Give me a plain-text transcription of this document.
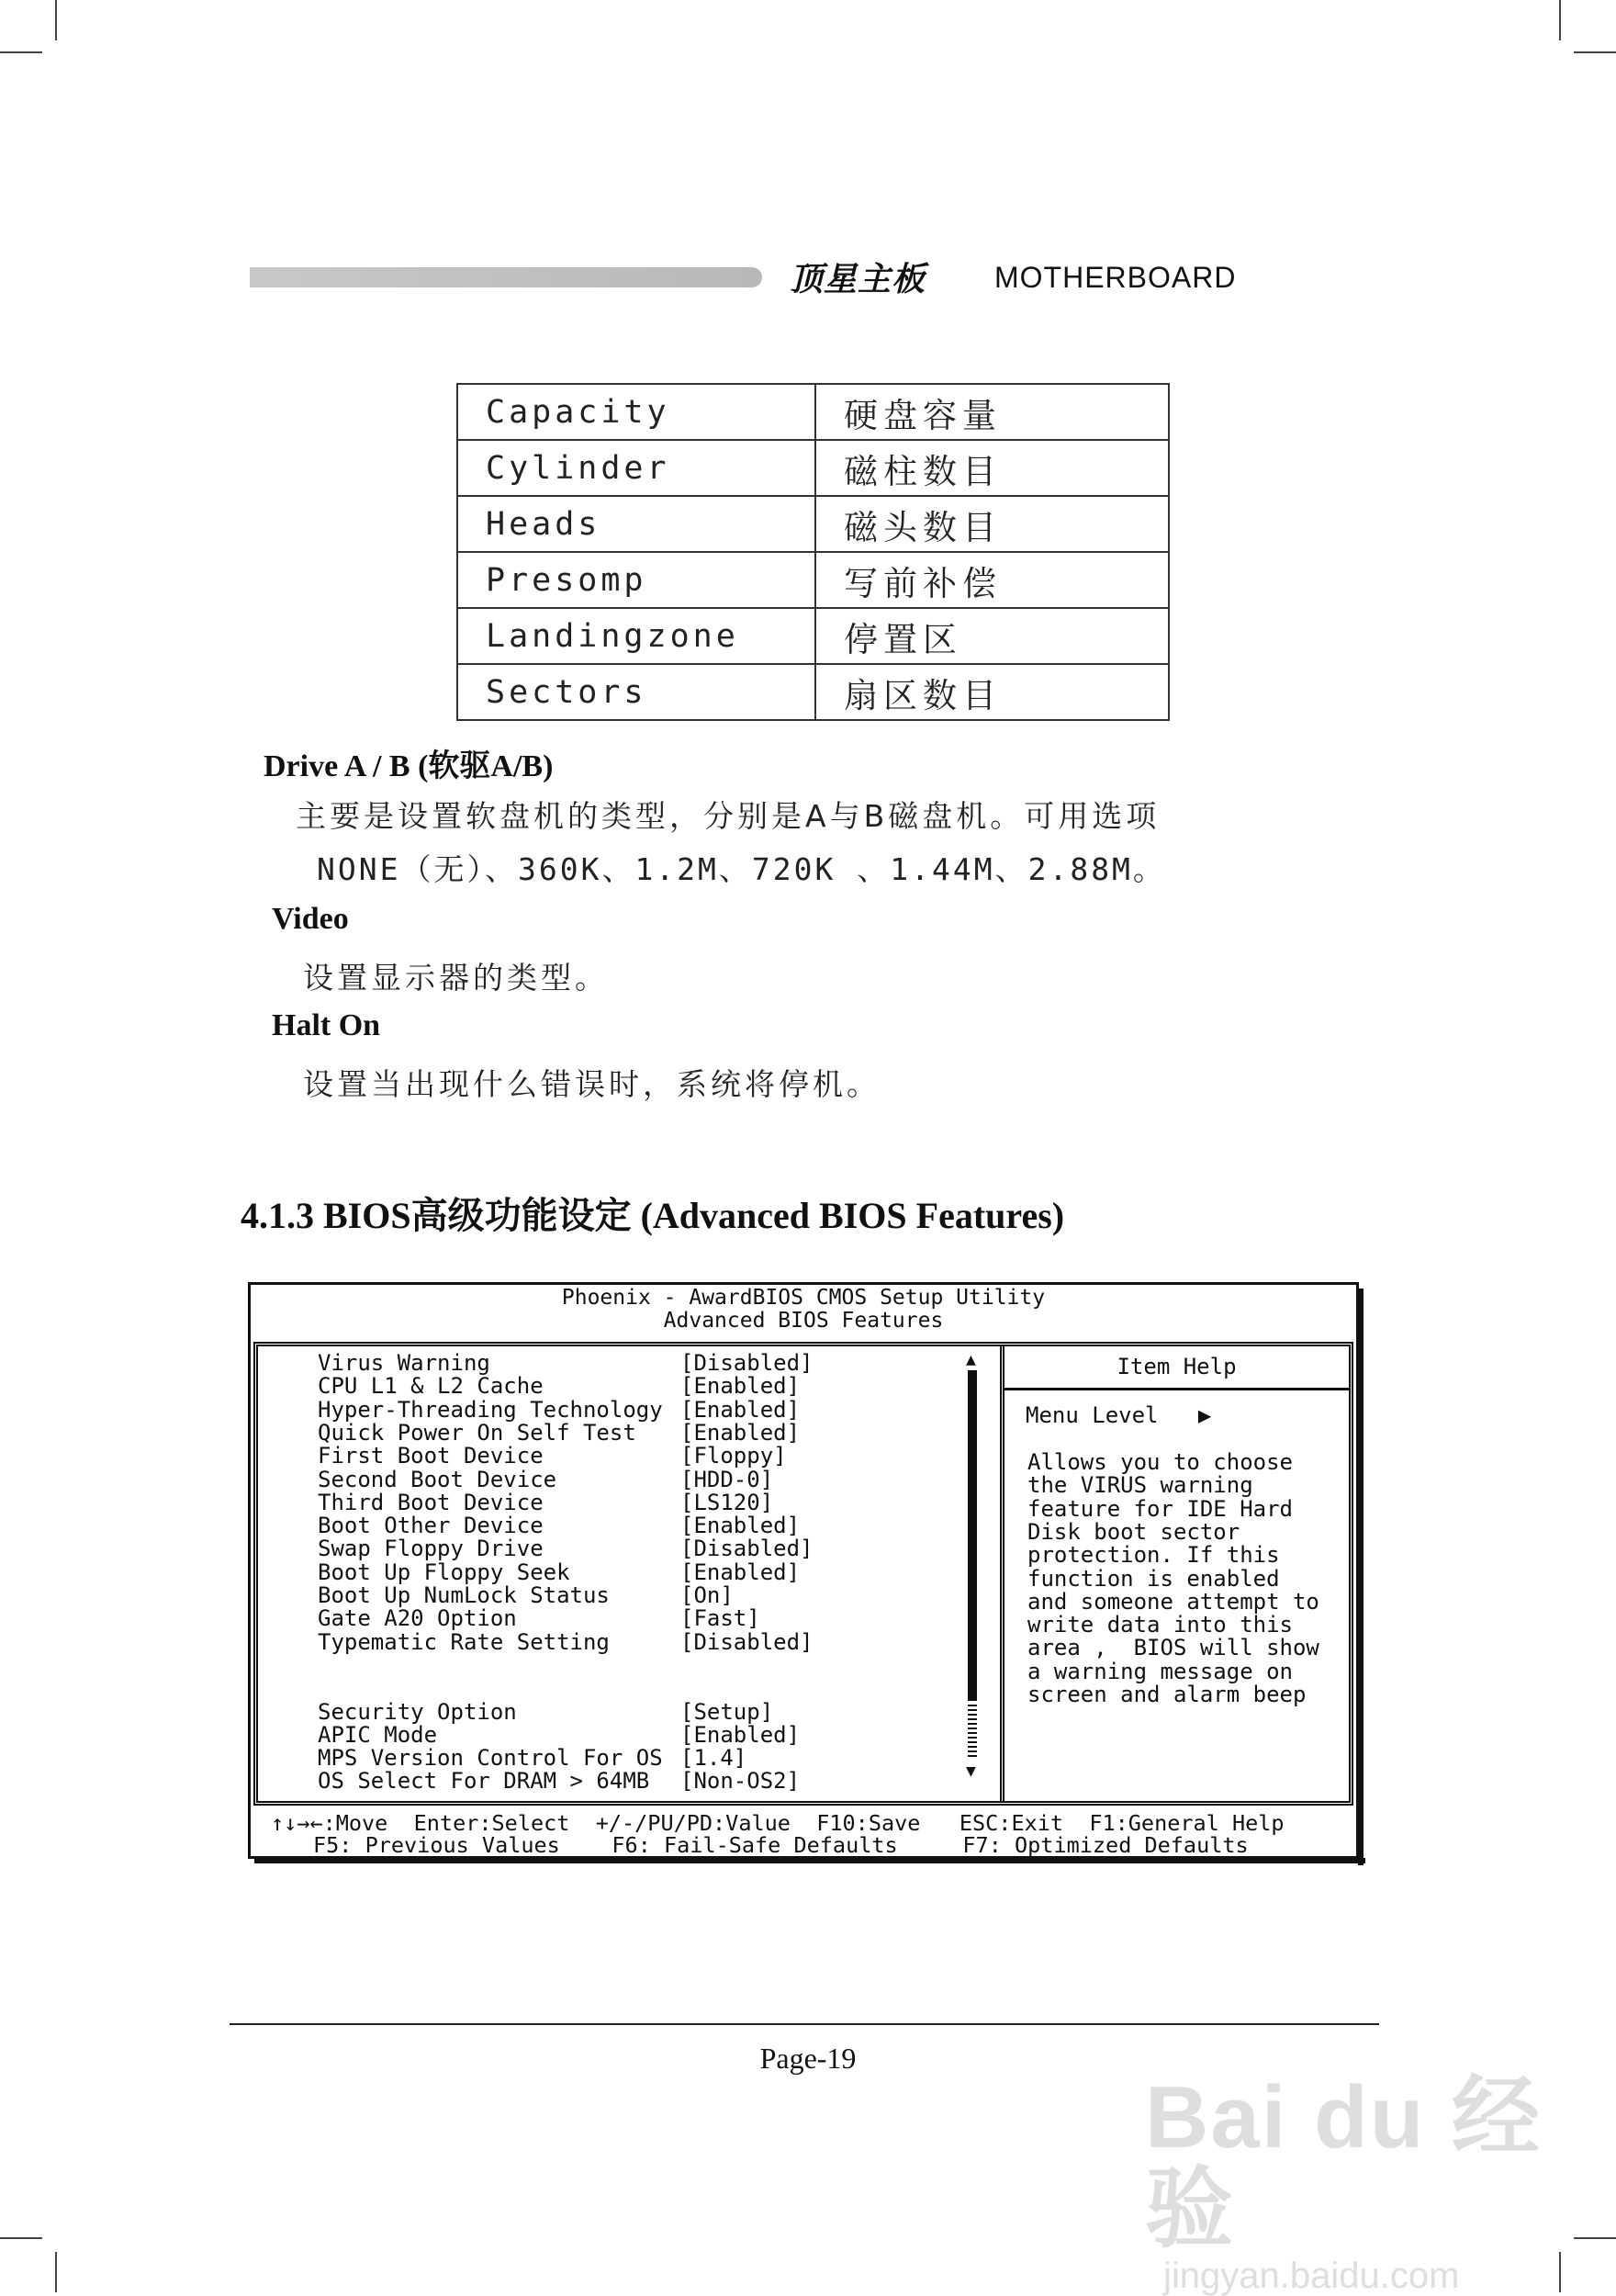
顶星主板 MOTHERBOARD
Capacity	硬盘容量
Cylinder	磁柱数目
Heads	磁头数目
Presomp	写前补偿
Landingzone	停置区
Sectors	扇区数目
Drive A / B (软驱A/B)
主要是设置软盘机的类型，分别是A与B磁盘机。可用选项
NONE（无）、360K、1.2M、720K 、1.44M、2.88M。
Video
设置显示器的类型。
Halt On
设置当出现什么错误时，系统将停机。
4.1.3 BIOS高级功能设定 (Advanced BIOS Features)
Phoenix - AwardBIOS CMOS Setup Utility
Advanced BIOS Features
Virus Warning	[Disabled]
CPU L1 & L2 Cache	[Enabled]
Hyper-Threading Technology [Enabled]
Quick Power On Self Test [Enabled]
First Boot Device	[Floppy]
Second Boot Device	[HDD-0]
Third Boot Device	[LS120]
Boot Other Device	[Enabled]
Swap Floppy Drive	[Disabled]
Boot Up Floppy Seek	[Enabled]
Boot Up NumLock Status	[On]
Gate A20 Option	[Fast]
Typematic Rate Setting	[Disabled]
Security Option	[Setup]
APIC Mode	[Enabled]
MPS Version Control For OS [1.4]
OS Select For DRAM > 64MB [Non-OS2]
▲
▼
Item Help
Menu Level ▶
Allows you to choose
the VIRUS warning
feature for IDE Hard
Disk boot sector
protection. If this
function is enabled
and someone attempt to
write data into this
area ,  BIOS will show
a warning message on
screen and alarm beep
↑↓→←:Move  Enter:Select  +/-/PU/PD:Value  F10:Save   ESC:Exit  F1:General Help
F5: Previous Values    F6: Fail-Safe Defaults     F7: Optimized Defaults
Page-19
Bai du 经验
jingyan.baidu.com
